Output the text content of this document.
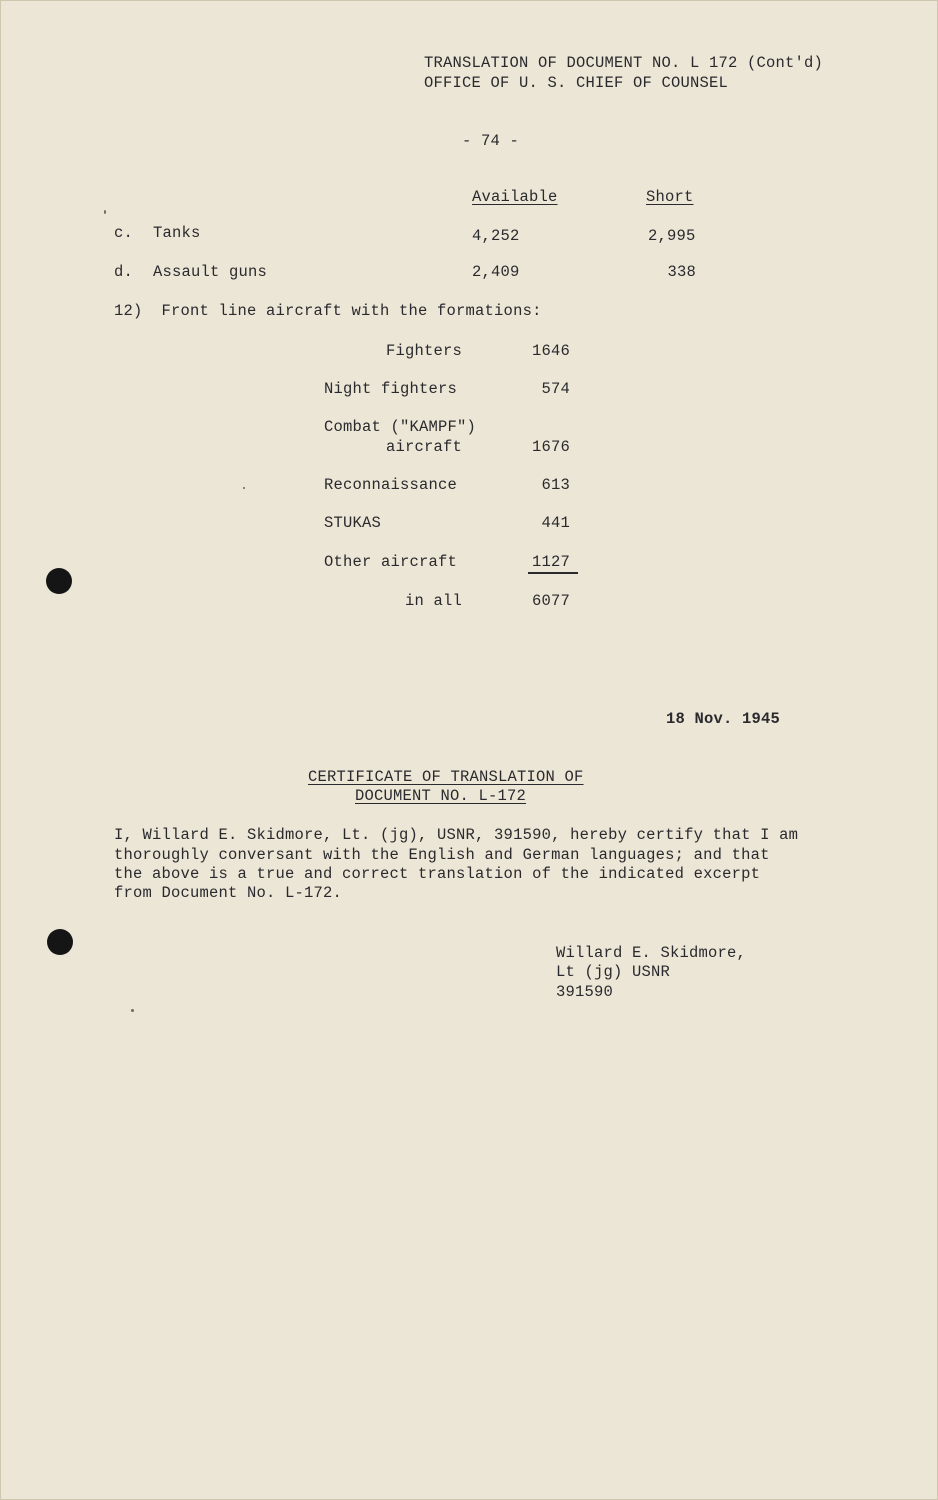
TRANSLATION OF DOCUMENT NO. L 172 (Cont'd)
OFFICE OF U. S. CHIEF OF COUNSEL
- 74 -
Available	Short
c. Tanks	4,252	2,995
d. Assault guns	2,409	338
12)  Front line aircraft with the formations:
Fighters	1646
Night fighters	574
Combat ("KAMPF")
aircraft	1676
Reconnaissance	613
STUKAS	441
Other aircraft	1127
in all	6077
18 Nov. 1945
CERTIFICATE OF TRANSLATION OF
DOCUMENT NO. L-172
I, Willard E. Skidmore, Lt. (jg), USNR, 391590, hereby certify that I am
thoroughly conversant with the English and German languages; and that
the above is a true and correct translation of the indicated excerpt
from Document No. L-172.
Willard E. Skidmore,
Lt (jg) USNR
391590
